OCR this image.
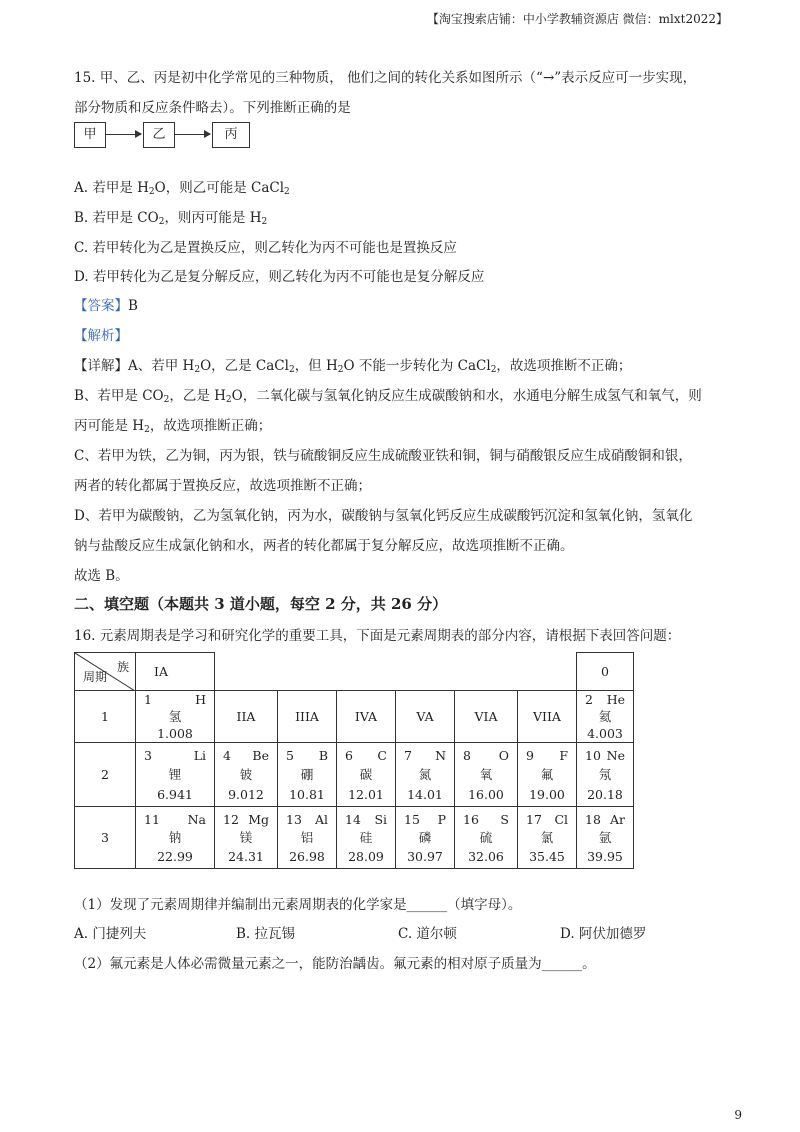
【淘宝搜索店铺：中小学教辅资源店 微信：mlxt2022】
15. 甲、乙、丙是初中化学常见的三种物质， 他们之间的转化关系如图所示（“→”表示反应可一步实现，
部分物质和反应条件略去）。下列推断正确的是
甲	乙	丙
A. 若甲是 $H_2O$，则乙可能是 CaCl$_2$
B. 若甲是 $CO_2$，则丙可能是 $H_2$
C. 若甲转化为乙是置换反应，则乙转化为丙不可能也是置换反应
D. 若甲转化为乙是复分解反应，则乙转化为丙不可能也是复分解反应
【答案】B
【解析】
【详解】A、若甲 $H_2O$，乙是 CaCl$_2$，但 $H_2O$ 不能一步转化为 CaCl$_2$，故选项推断不正确；
B、若甲是 $CO_2$，乙是 $H_2O$，二氧化碳与氢氧化钠反应生成碳酸钠和水，水通电分解生成氢气和氧气，则
丙可能是 $H_2$，故选项推断正确；
C、若甲为铁，乙为铜，丙为银，铁与硫酸铜反应生成硫酸亚铁和铜，铜与硝酸银反应生成硝酸铜和银，
两者的转化都属于置换反应，故选项推断不正确；
D、若甲为碳酸钠，乙为氢氧化钠，丙为水，碳酸钠与氢氧化钙反应生成碳酸钙沉淀和氢氧化钠，氢氧化
钠与盐酸反应生成氯化钠和水，两者的转化都属于复分解反应，故选项推断不正确。
故选 B。
二、填空题（本题共 3 道小题，每空 2 分，共 26 分）
16. 元素周期表是学习和研究化学的重要工具，下面是元素周期表的部分内容，请根据下表回答问题：
族
周期	IA							0
1	1 H
氢
1.008	IIA	IIIA	IVA	VA	VIA	VIIA	2 He
氦
4.003

2	3 Li
锂
6.941	4 Be
铍
9.012	5 B
硼
10.81	6 C
碳
12.01	7 N
氮
14.01	8 O
氧
16.00	9 F
氟
19.00	10 Ne
氖
20.18

3	11 Na
钠
22.99	12 Mg
镁
24.31	13 Al
铝
26.98	14 Si
硅
28.09	15 P
磷
30.97	16 S
硫
32.06	17 Cl
氯
35.45	18 Ar
氩
39.95
（1）发现了元素周期律并编制出元素周期表的化学家是______（填字母）。
A. 门捷列夫	B. 拉瓦锡	C. 道尔顿	D. 阿伏加德罗
（2）氟元素是人体必需微量元素之一，能防治龋齿。氟元素的相对原子质量为______。
9
